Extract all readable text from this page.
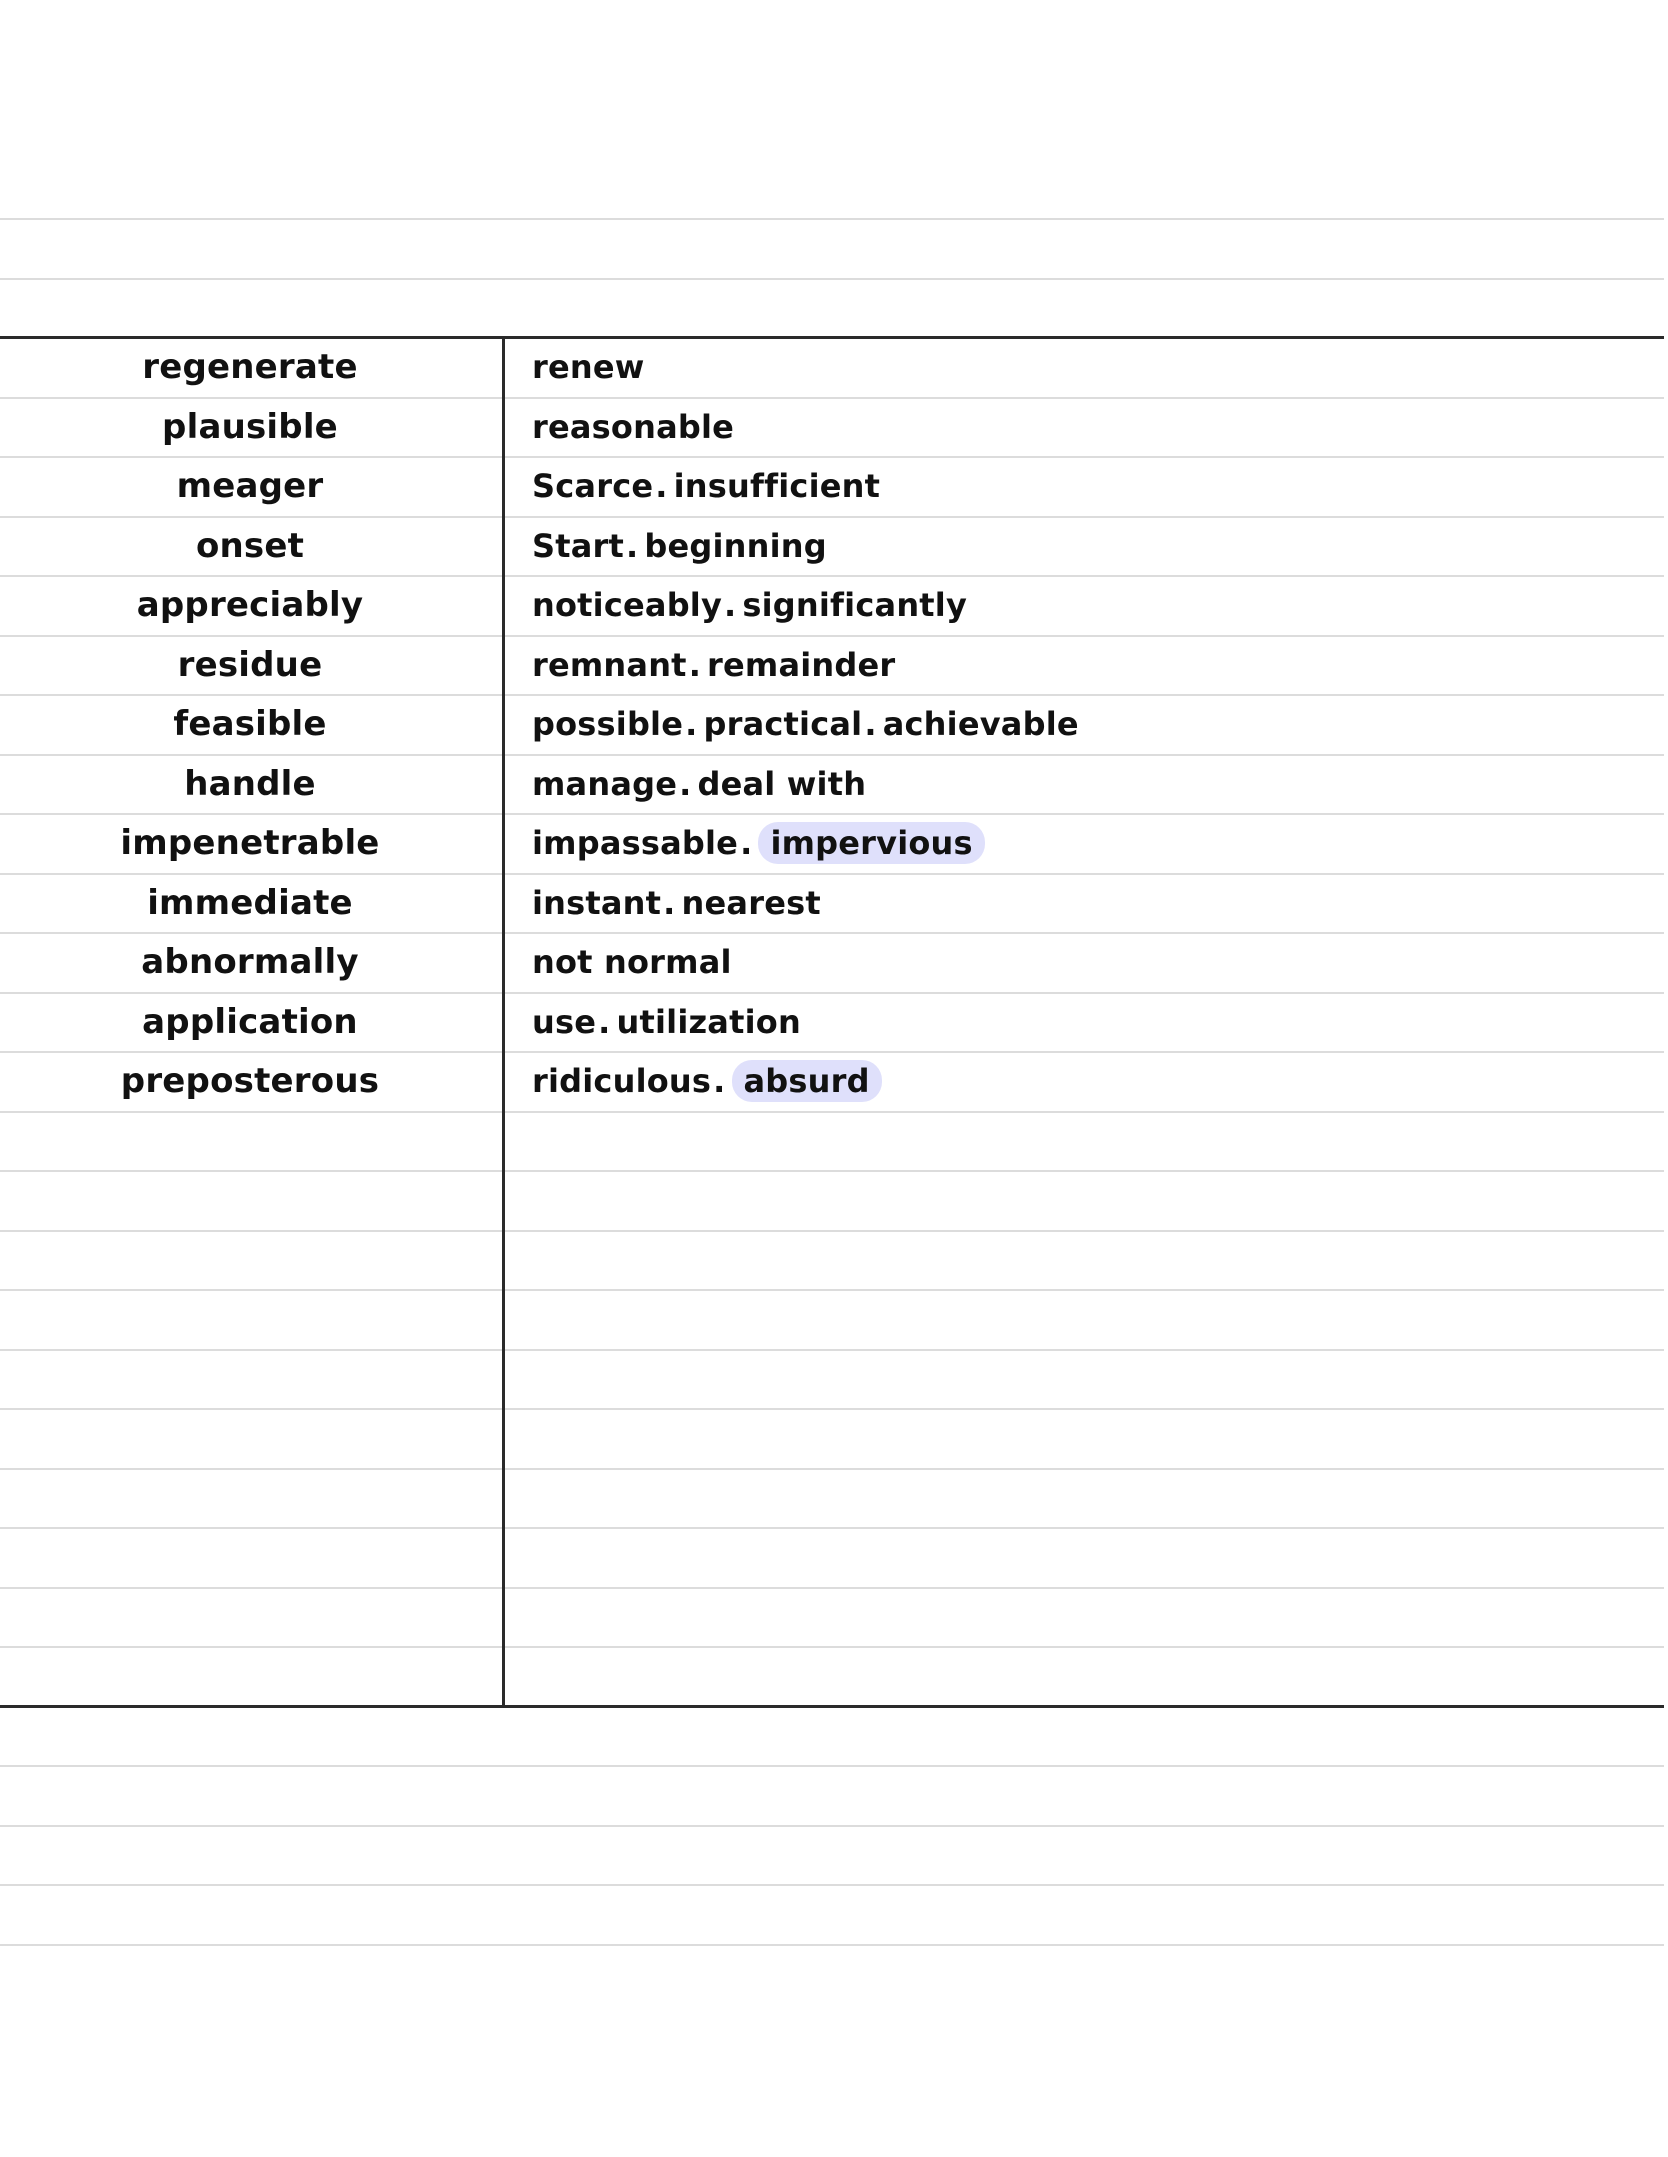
regenerate	renew
plausible	reasonable
meager	Scarce. insufficient
onset	Start. beginning
appreciably	noticeably. significantly
residue	remnant. remainder
feasible	possible. practical. achievable
handle	manage. deal with
impenetrable	impassable. impervious
immediate	instant. nearest
abnormally	not normal
application	use. utilization
preposterous	ridiculous. absurd
